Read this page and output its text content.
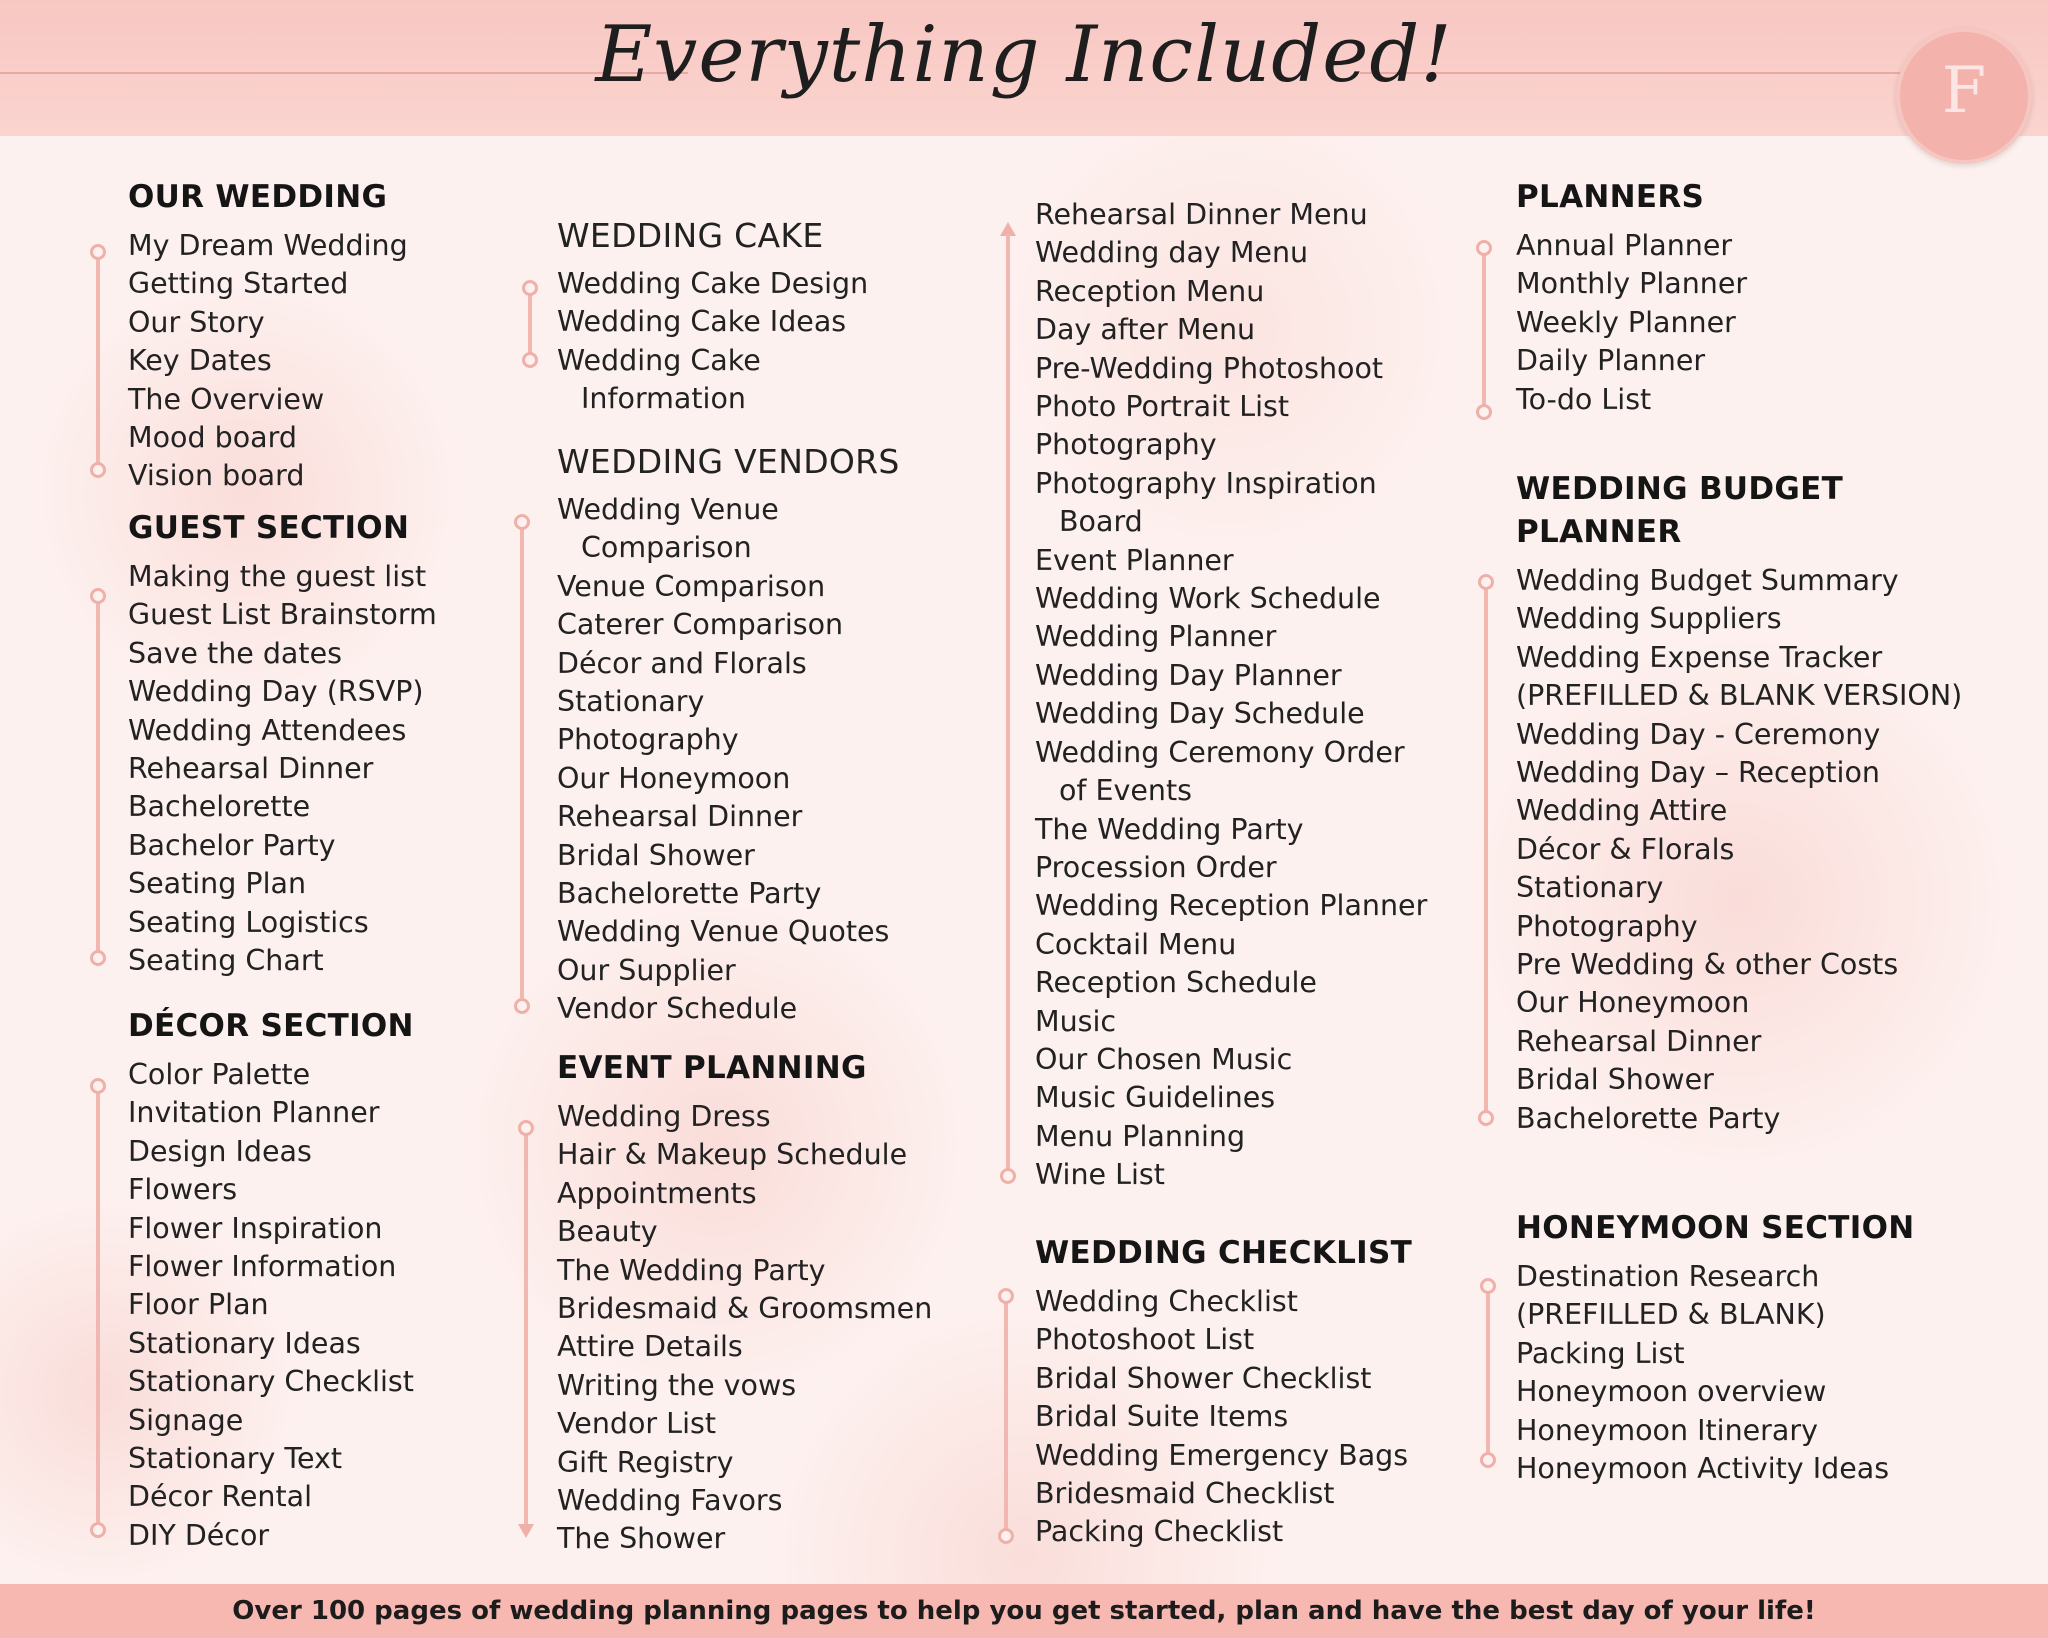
Everything Included!	F
OUR WEDDING
My Dream Wedding
Getting Started
Our Story
Key Dates
The Overview
Mood board
Vision board
GUEST SECTION
Making the guest list
Guest List Brainstorm
Save the dates
Wedding Day (RSVP)
Wedding Attendees
Rehearsal Dinner
Bachelorette
Bachelor Party
Seating Plan
Seating Logistics
Seating Chart
DÉCOR SECTION
Color Palette
Invitation Planner
Design Ideas
Flowers
Flower Inspiration
Flower Information
Floor Plan
Stationary Ideas
Stationary Checklist
Signage
Stationary Text
Décor Rental
DIY Décor
WEDDING CAKE
Wedding Cake Design
Wedding Cake Ideas
Wedding Cake
Information
WEDDING VENDORS
Wedding Venue
Comparison
Venue Comparison
Caterer Comparison
Décor and Florals
Stationary
Photography
Our Honeymoon
Rehearsal Dinner
Bridal Shower
Bachelorette Party
Wedding Venue Quotes
Our Supplier
Vendor Schedule
EVENT PLANNING
Wedding Dress
Hair & Makeup Schedule
Appointments
Beauty
The Wedding Party
Bridesmaid & Groomsmen
Attire Details
Writing the vows
Vendor List
Gift Registry
Wedding Favors
The Shower
Rehearsal Dinner Menu
Wedding day Menu
Reception Menu
Day after Menu
Pre-Wedding Photoshoot
Photo Portrait List
Photography
Photography Inspiration
Board
Event Planner
Wedding Work Schedule
Wedding Planner
Wedding Day Planner
Wedding Day Schedule
Wedding Ceremony Order
of Events
The Wedding Party
Procession Order
Wedding Reception Planner
Cocktail Menu
Reception Schedule
Music
Our Chosen Music
Music Guidelines
Menu Planning
Wine List
WEDDING CHECKLIST
Wedding Checklist
Photoshoot List
Bridal Shower Checklist
Bridal Suite Items
Wedding Emergency Bags
Bridesmaid Checklist
Packing Checklist
PLANNERS
Annual Planner
Monthly Planner
Weekly Planner
Daily Planner
To-do List
WEDDING BUDGET
PLANNER
Wedding Budget Summary
Wedding Suppliers
Wedding Expense Tracker
(PREFILLED & BLANK VERSION)
Wedding Day - Ceremony
Wedding Day – Reception
Wedding Attire
Décor & Florals
Stationary
Photography
Pre Wedding & other Costs
Our Honeymoon
Rehearsal Dinner
Bridal Shower
Bachelorette Party
HONEYMOON SECTION
Destination Research
(PREFILLED & BLANK)
Packing List
Honeymoon overview
Honeymoon Itinerary
Honeymoon Activity Ideas
Over 100 pages of wedding planning pages to help you get started, plan and have the best day of your life!
